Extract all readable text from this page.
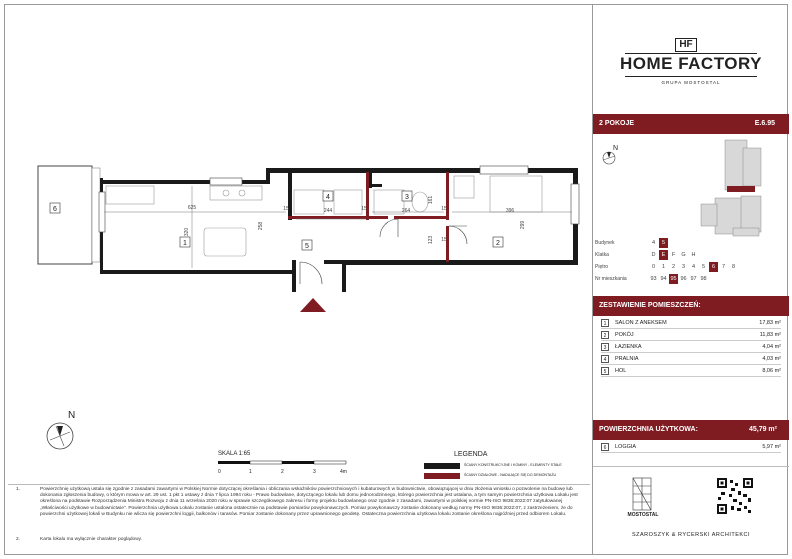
6
1
4	3
5	2
625
320
258
15	244	15	264
161
15	396
299
123 15
N
SKALA 1:65
0	1	2	3	4m
LEGENDA
ŚCIANY KONSTRUKCYJNE I KOMINY - ELEMENTY STAŁE
ŚCIANY DZIAŁOWE - NADAJĄCE SIĘ DO DEMONTAŻU
1.	Powierzchnię użytkową ustala się zgodnie z zasadami zawartymi w Polskiej Normie dotyczącej określania i obliczania wskaźników powierzchniowych i kubaturowych w budownictwie, obowiązującej w dniu złożenia wniosku o pozwolenie na budowę lub dokonania zgłoszenia budowy, o którym mowa w art. 29 ust. 1 pkt 1 ustawy z dnia 7 lipca 1994 roku - Prawo budowlane, dotyczącego lokalu lub domu jednorodzinnego, którego powierzchnia jest ustalana, a tym samym powierzchnia użytkowa Lokalu jest określona na podstawie Rozporządzenia Ministra Rozwoju z dnia 11 września 2020 roku w sprawie szczegółowego zakresu i formy projektu budowlanego oraz zgodnie z zasadami, zawartymi w polskiej normie PN-ISO 9836:2022:07 zatytułowanej „Właściwości użytkowe w budownictwie". Powierzchnia użytkowa Lokalu zostanie ustalona ostatecznie na podstawie pomiarów powykonawczych. Pomiar powykonawczy zostanie dokonany według normy PN-ISO 9836:2022:07, z zastrzeżeniem, że do powierzchni użytkowej lokali w Budynku nie wlicza się powierzchni loggii, balkonów i tarasów. Pomiar zostanie dokonany przez uprawnionego geodetę. Ostateczna powierzchnia użytkowa lokalu zostanie określona najpóźniej przed odbiorem Lokalu.
2.	Karta lokalu ma wyłącznie charakter poglądowy.
HF
HOME FACTORY
GRUPA MOSTOSTAL
2 POKOJE	E.6.95
N
Budynek	4	5
Klatka	D	E	F	G	H
Piętro	0	1	2	3	4	5	6	7	8
Nr mieszkania	93 94 95 96 97 98
ZESTAWIENIE POMIESZCZEŃ:
1	SALON Z ANEKSEM	17,83 m²
2	POKÓJ	11,83 m²
3	ŁAZIENKA	4,04 m²
4	PRALNIA	4,03 m²
5	HOL	8,06 m²
POWIERZCHNIA UŻYTKOWA:	45,79 m²
6	LOGGIA	5,97 m²
MOSTOSTAL
SZAROSZYK & RYCERSKI ARCHITEKCI
